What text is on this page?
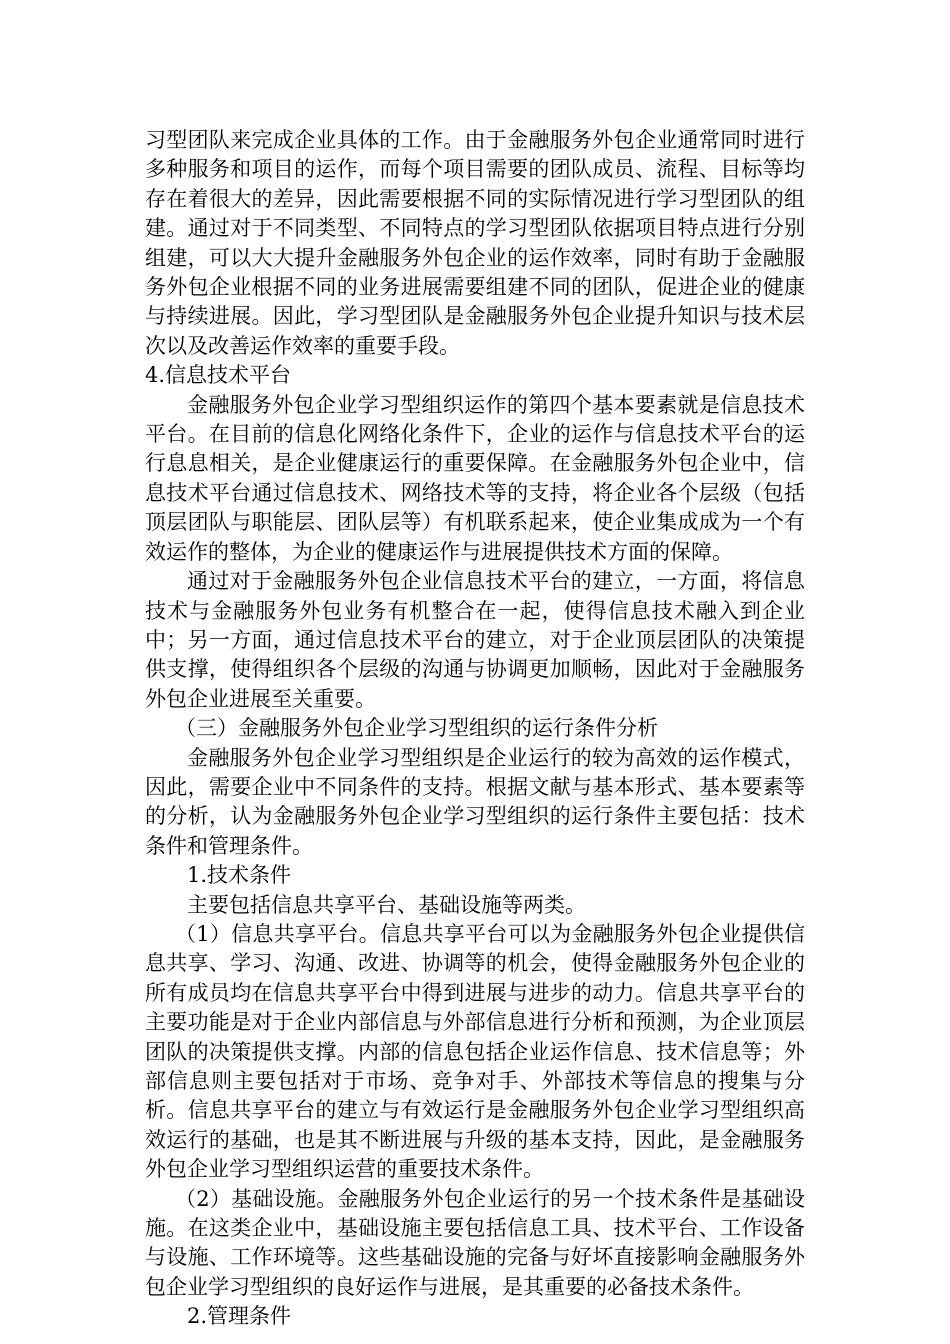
习型团队来完成企业具体的工作。由于金融服务外包企业通常同时进行多种服务和项目的运作，而每个项目需要的团队成员、流程、目标等均存在着很大的差异，因此需要根据不同的实际情况进行学习型团队的组建。通过对于不同类型、不同特点的学习型团队依据项目特点进行分别组建，可以大大提升金融服务外包企业的运作效率，同时有助于金融服务外包企业根据不同的业务进展需要组建不同的团队，促进企业的健康与持续进展。因此，学习型团队是金融服务外包企业提升知识与技术层次以及改善运作效率的重要手段。

4.信息技术平台

金融服务外包企业学习型组织运作的第四个基本要素就是信息技术平台。在目前的信息化网络化条件下，企业的运作与信息技术平台的运行息息相关，是企业健康运行的重要保障。在金融服务外包企业中，信息技术平台通过信息技术、网络技术等的支持，将企业各个层级（包括顶层团队与职能层、团队层等）有机联系起来，使企业集成成为一个有效运作的整体，为企业的健康运作与进展提供技术方面的保障。

通过对于金融服务外包企业信息技术平台的建立，一方面，将信息技术与金融服务外包业务有机整合在一起，使得信息技术融入到企业中；另一方面，通过信息技术平台的建立，对于企业顶层团队的决策提供支撑，使得组织各个层级的沟通与协调更加顺畅，因此对于金融服务外包企业进展至关重要。

（三）金融服务外包企业学习型组织的运行条件分析

金融服务外包企业学习型组织是企业运行的较为高效的运作模式，因此，需要企业中不同条件的支持。根据文献与基本形式、基本要素等的分析，认为金融服务外包企业学习型组织的运行条件主要包括：技术条件和管理条件。

1.技术条件

主要包括信息共享平台、基础设施等两类。

（1）信息共享平台。信息共享平台可以为金融服务外包企业提供信息共享、学习、沟通、改进、协调等的机会，使得金融服务外包企业的所有成员均在信息共享平台中得到进展与进步的动力。信息共享平台的主要功能是对于企业内部信息与外部信息进行分析和预测，为企业顶层团队的决策提供支撑。内部的信息包括企业运作信息、技术信息等；外部信息则主要包括对于市场、竞争对手、外部技术等信息的搜集与分析。信息共享平台的建立与有效运行是金融服务外包企业学习型组织高效运行的基础，也是其不断进展与升级的基本支持，因此，是金融服务外包企业学习型组织运营的重要技术条件。

（2）基础设施。金融服务外包企业运行的另一个技术条件是基础设施。在这类企业中，基础设施主要包括信息工具、技术平台、工作设备与设施、工作环境等。这些基础设施的完备与好坏直接影响金融服务外包企业学习型组织的良好运作与进展，是其重要的必备技术条件。

2.管理条件
